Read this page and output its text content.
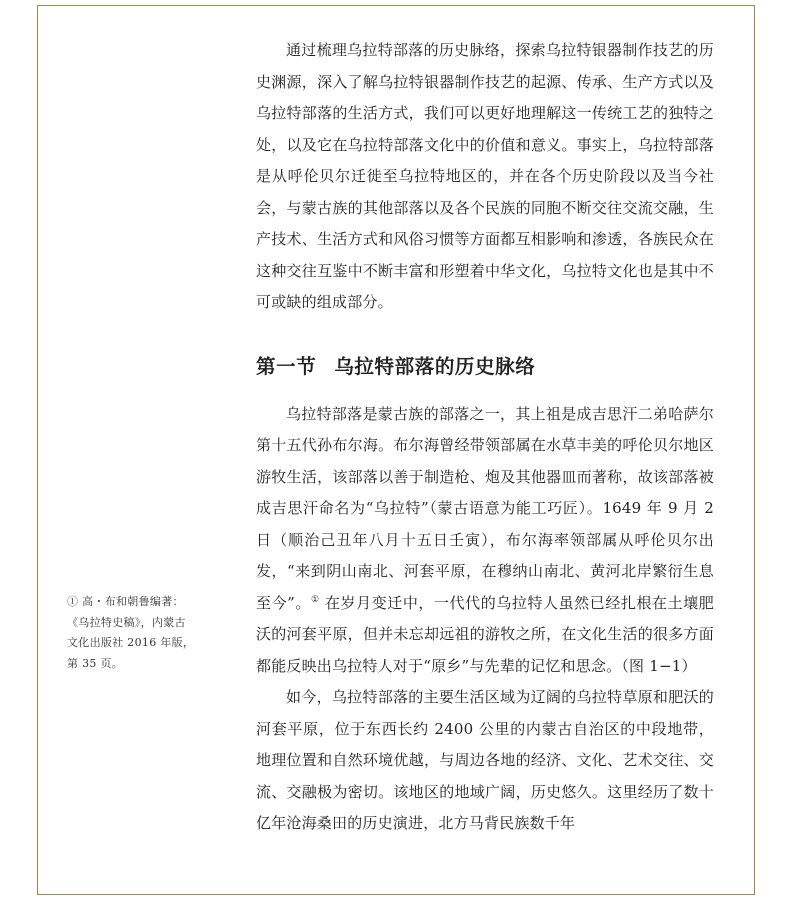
通过梳理乌拉特部落的历史脉络，探索乌拉特银器制作技艺的历史渊源，深入了解乌拉特银器制作技艺的起源、传承、生产方式以及乌拉特部落的生活方式，我们可以更好地理解这一传统工艺的独特之处，以及它在乌拉特部落文化中的价值和意义。事实上，乌拉特部落是从呼伦贝尔迁徙至乌拉特地区的，并在各个历史阶段以及当今社会，与蒙古族的其他部落以及各个民族的同胞不断交往交流交融，生产技术、生活方式和风俗习惯等方面都互相影响和渗透，各族民众在这种交往互鉴中不断丰富和形塑着中华文化，乌拉特文化也是其中不可或缺的组成部分。

第一节 乌拉特部落的历史脉络

乌拉特部落是蒙古族的部落之一，其上祖是成吉思汗二弟哈萨尔第十五代孙布尔海。布尔海曾经带领部属在水草丰美的呼伦贝尔地区游牧生活，该部落以善于制造枪、炮及其他器皿而著称，故该部落被成吉思汗命名为“乌拉特”（蒙古语意为能工巧匠）。1649 年 9 月 2 日（顺治己丑年八月十五日壬寅），布尔海率领部属从呼伦贝尔出发，“来到阴山南北、河套平原，在穆纳山南北、黄河北岸繁衍生息至今”。① 在岁月变迁中，一代代的乌拉特人虽然已经扎根在土壤肥沃的河套平原，但并未忘却远祖的游牧之所，在文化生活的很多方面都能反映出乌拉特人对于“原乡”与先辈的记忆和思念。（图 1−1）

如今，乌拉特部落的主要生活区域为辽阔的乌拉特草原和肥沃的河套平原，位于东西长约 2400 公里的内蒙古自治区的中段地带，地理位置和自然环境优越，与周边各地的经济、文化、艺术交往、交流、交融极为密切。该地区的地域广阔，历史悠久。这里经历了数十亿年沧海桑田的历史演进，北方马背民族数千年

① 高・布和朝鲁编著：《乌拉特史稿》，内蒙古文化出版社 2016 年版，第 35 页。
